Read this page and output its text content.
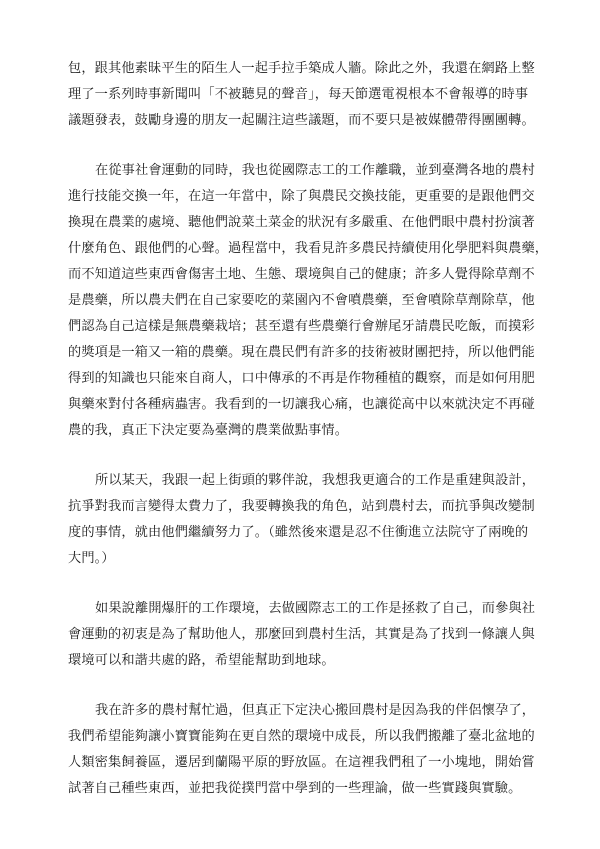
包，跟其他素昧平生的陌生人一起手拉手築成人牆。除此之外，我還在網路上整
理了一系列時事新聞叫「不被聽見的聲音」，每天節選電視根本不會報導的時事
議題發表，鼓勵身邊的朋友一起關注這些議題，而不要只是被媒體帶得團團轉。

在從事社會運動的同時，我也從國際志工的工作離職，並到臺灣各地的農村
進行技能交換一年，在這一年當中，除了與農民交換技能，更重要的是跟他們交
換現在農業的處境、聽他們說菜土菜金的狀況有多嚴重、在他們眼中農村扮演著
什麼角色、跟他們的心聲。過程當中，我看見許多農民持續使用化學肥料與農藥，
而不知道這些東西會傷害土地、生態、環境與自己的健康；許多人覺得除草劑不
是農藥，所以農夫們在自己家要吃的菜園內不會噴農藥，至會噴除草劑除草，他
們認為自己這樣是無農藥栽培；甚至還有些農藥行會辦尾牙請農民吃飯，而摸彩
的獎項是一箱又一箱的農藥。現在農民們有許多的技術被財團把持，所以他們能
得到的知識也只能來自商人，口中傳承的不再是作物種植的觀察，而是如何用肥
與藥來對付各種病蟲害。我看到的一切讓我心痛，也讓從高中以來就決定不再碰
農的我，真正下決定要為臺灣的農業做點事情。

所以某天，我跟一起上街頭的夥伴說，我想我更適合的工作是重建與設計，
抗爭對我而言變得太費力了，我要轉換我的角色，站到農村去，而抗爭與改變制
度的事情，就由他們繼續努力了。（雖然後來還是忍不住衝進立法院守了兩晚的
大門。）

如果說離開爆肝的工作環境，去做國際志工的工作是拯救了自己，而參與社
會運動的初衷是為了幫助他人，那麼回到農村生活，其實是為了找到一條讓人與
環境可以和諧共處的路，希望能幫助到地球。

我在許多的農村幫忙過，但真正下定決心搬回農村是因為我的伴侶懷孕了，
我們希望能夠讓小寶寶能夠在更自然的環境中成長，所以我們搬離了臺北盆地的
人類密集飼養區，遷居到蘭陽平原的野放區。在這裡我們租了一小塊地，開始嘗
試著自己種些東西，並把我從撲門當中學到的一些理論，做一些實踐與實驗。
